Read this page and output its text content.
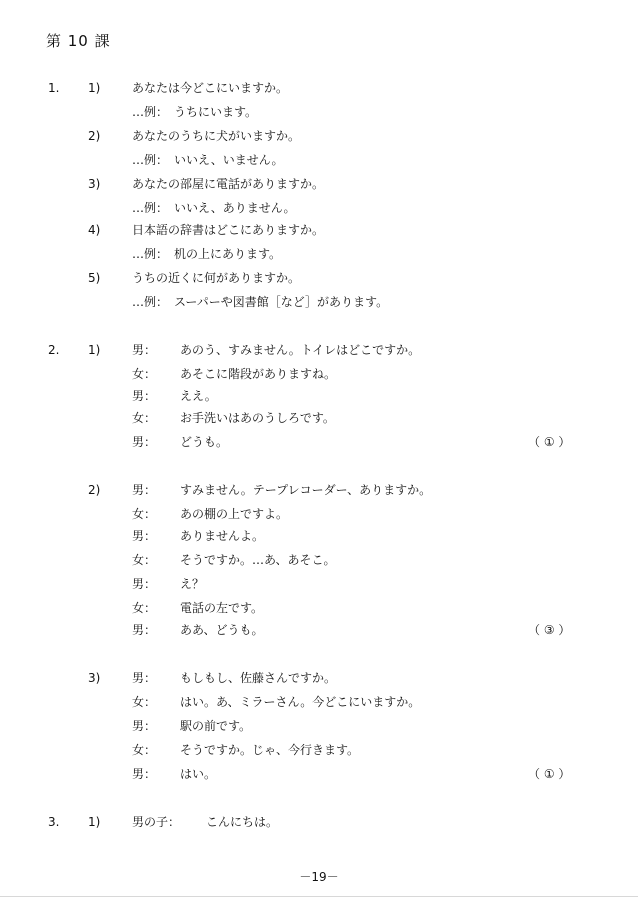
第 10 課
1. 1)	あなたは今どこにいますか。
…例：　うちにいます。
2)	あなたのうちに犬がいますか。
…例：　いいえ、いません。
3)	あなたの部屋に電話がありますか。
…例：　いいえ、ありません。
4)	日本語の辞書はどこにありますか。
…例：　机の上にあります。
5)	うちの近くに何がありますか。
…例：　スーパーや図書館［など］があります。
2. 1)	男： あのう、すみません。トイレはどこですか。
女： あそこに階段がありますね。
男： ええ。
女： お手洗いはあのうしろです。
男： どうも。	（ ① ）
2)	男： すみません。テープレコーダー、ありますか。
女： あの棚の上ですよ。
男： ありませんよ。
女： そうですか。…あ、あそこ。
男： え？
女： 電話の左です。
男： ああ、どうも。	（ ③ ）
3)	男： もしもし、佐藤さんですか。
女： はい。あ、ミラーさん。今どこにいますか。
男： 駅の前です。
女： そうですか。じゃ、今行きます。
男： はい。	（ ① ）
3. 1)	男の子： こんにちは。
－19－
